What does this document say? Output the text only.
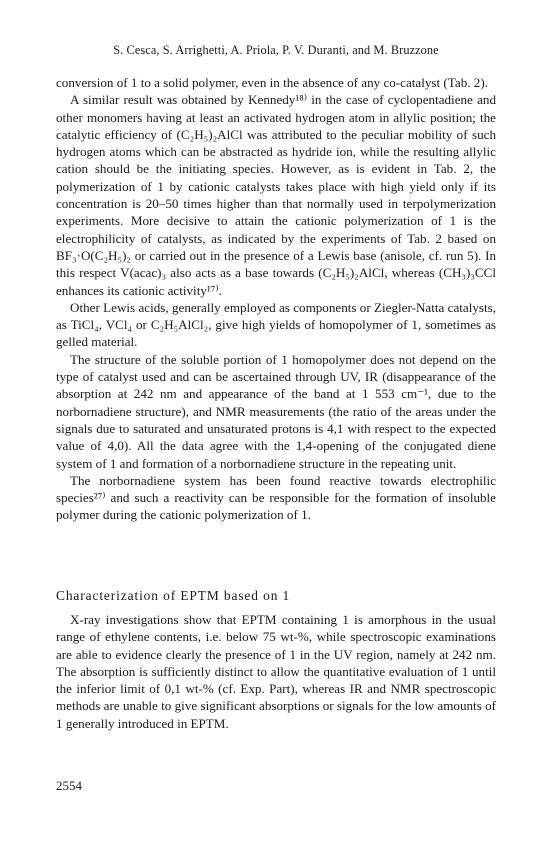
S. Cesca, S. Arrighetti, A. Priola, P. V. Duranti, and M. Bruzzone

conversion of 1 to a solid polymer, even in the absence of any co-catalyst (Tab. 2).

A similar result was obtained by Kennedy¹⁸⁾ in the case of cyclopentadiene and other monomers having at least an activated hydrogen atom in allylic position; the catalytic efficiency of (C₂H₅)₂AlCl was attributed to the peculiar mobility of such hydrogen atoms which can be abstracted as hydride ion, while the resulting allylic cation should be the initiating species. However, as is evident in Tab. 2, the polymerization of 1 by cationic catalysts takes place with high yield only if its concentration is 20–50 times higher than that normally used in terpolymerization experiments. More decisive to attain the cationic polymerization of 1 is the electrophilicity of catalysts, as indicated by the experiments of Tab. 2 based on BF₃·O(C₂H₅)₂ or carried out in the presence of a Lewis base (anisole, cf. run 5). In this respect V(acac)₃ also acts as a base towards (C₂H₅)₂AlCl, whereas (CH₃)₃CCl enhances its cationic activity¹⁷⁾.

Other Lewis acids, generally employed as components or Ziegler-Natta catalysts, as TiCl₄, VCl₄ or C₂H₅AlCl₂, give high yields of homopolymer of 1, sometimes as gelled material.

The structure of the soluble portion of 1 homopolymer does not depend on the type of catalyst used and can be ascertained through UV, IR (disappearance of the absorption at 242 nm and appearance of the band at 1 553 cm⁻¹, due to the norbornadiene structure), and NMR measurements (the ratio of the areas under the signals due to saturated and unsaturated protons is 4,1 with respect to the expected value of 4,0). All the data agree with the 1,4-opening of the conjugated diene system of 1 and formation of a norbornadiene structure in the repeating unit.

The norbornadiene system has been found reactive towards electrophilic species²⁷⁾ and such a reactivity can be responsible for the formation of insoluble polymer during the cationic polymerization of 1.

Characterization of EPTM based on 1

X-ray investigations show that EPTM containing 1 is amorphous in the usual range of ethylene contents, i.e. below 75 wt-%, while spectroscopic examinations are able to evidence clearly the presence of 1 in the UV region, namely at 242 nm. The absorption is sufficiently distinct to allow the quantitative evaluation of 1 until the inferior limit of 0,1 wt-% (cf. Exp. Part), whereas IR and NMR spectroscopic methods are unable to give significant absorptions or signals for the low amounts of 1 generally introduced in EPTM.

2554
